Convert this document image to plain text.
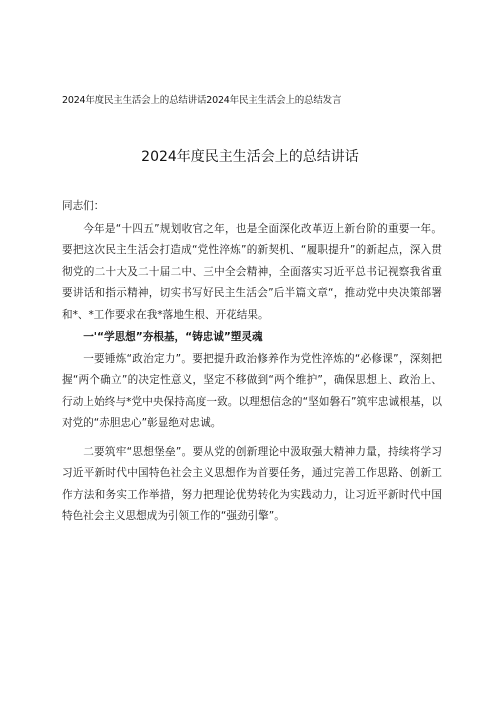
2024年度民主生活会上的总结讲话2024年民主生活会上的总结发言
2024年度民主生活会上的总结讲话

同志们：

今年是“十四五”规划收官之年，也是全面深化改革迈上新台阶的重要一年。要把这次民主生活会打造成“党性淬炼”的新契机、“履职提升”的新起点，深入贯彻党的二十大及二十届二中、三中全会精神，全面落实习近平总书记视察我省重要讲话和指示精神，切实书写好民主生活会”后半篇文章“，推动党中央决策部署和*、*工作要求在我*落地生根、开花结果。

一'“学思想”夯根基，“铸忠诚”塑灵魂

一要锤炼“政治定力”。要把提升政治修养作为党性淬炼的“必修课”，深刻把握“两个确立”的决定性意义，坚定不移做到“两个维护”，确保思想上、政治上、行动上始终与*党中央保持高度一致。以理想信念的“坚如磐石”筑牢忠诚根基，以对党的“赤胆忠心”彰显绝对忠诚。

二要筑牢“思想堡垒”。要从党的创新理论中汲取强大精神力量，持续将学习习近平新时代中国特色社会主义思想作为首要任务，通过完善工作思路、创新工作方法和务实工作举措，努力把理论优势转化为实践动力，让习近平新时代中国特色社会主义思想成为引领工作的“强劲引擎”。
